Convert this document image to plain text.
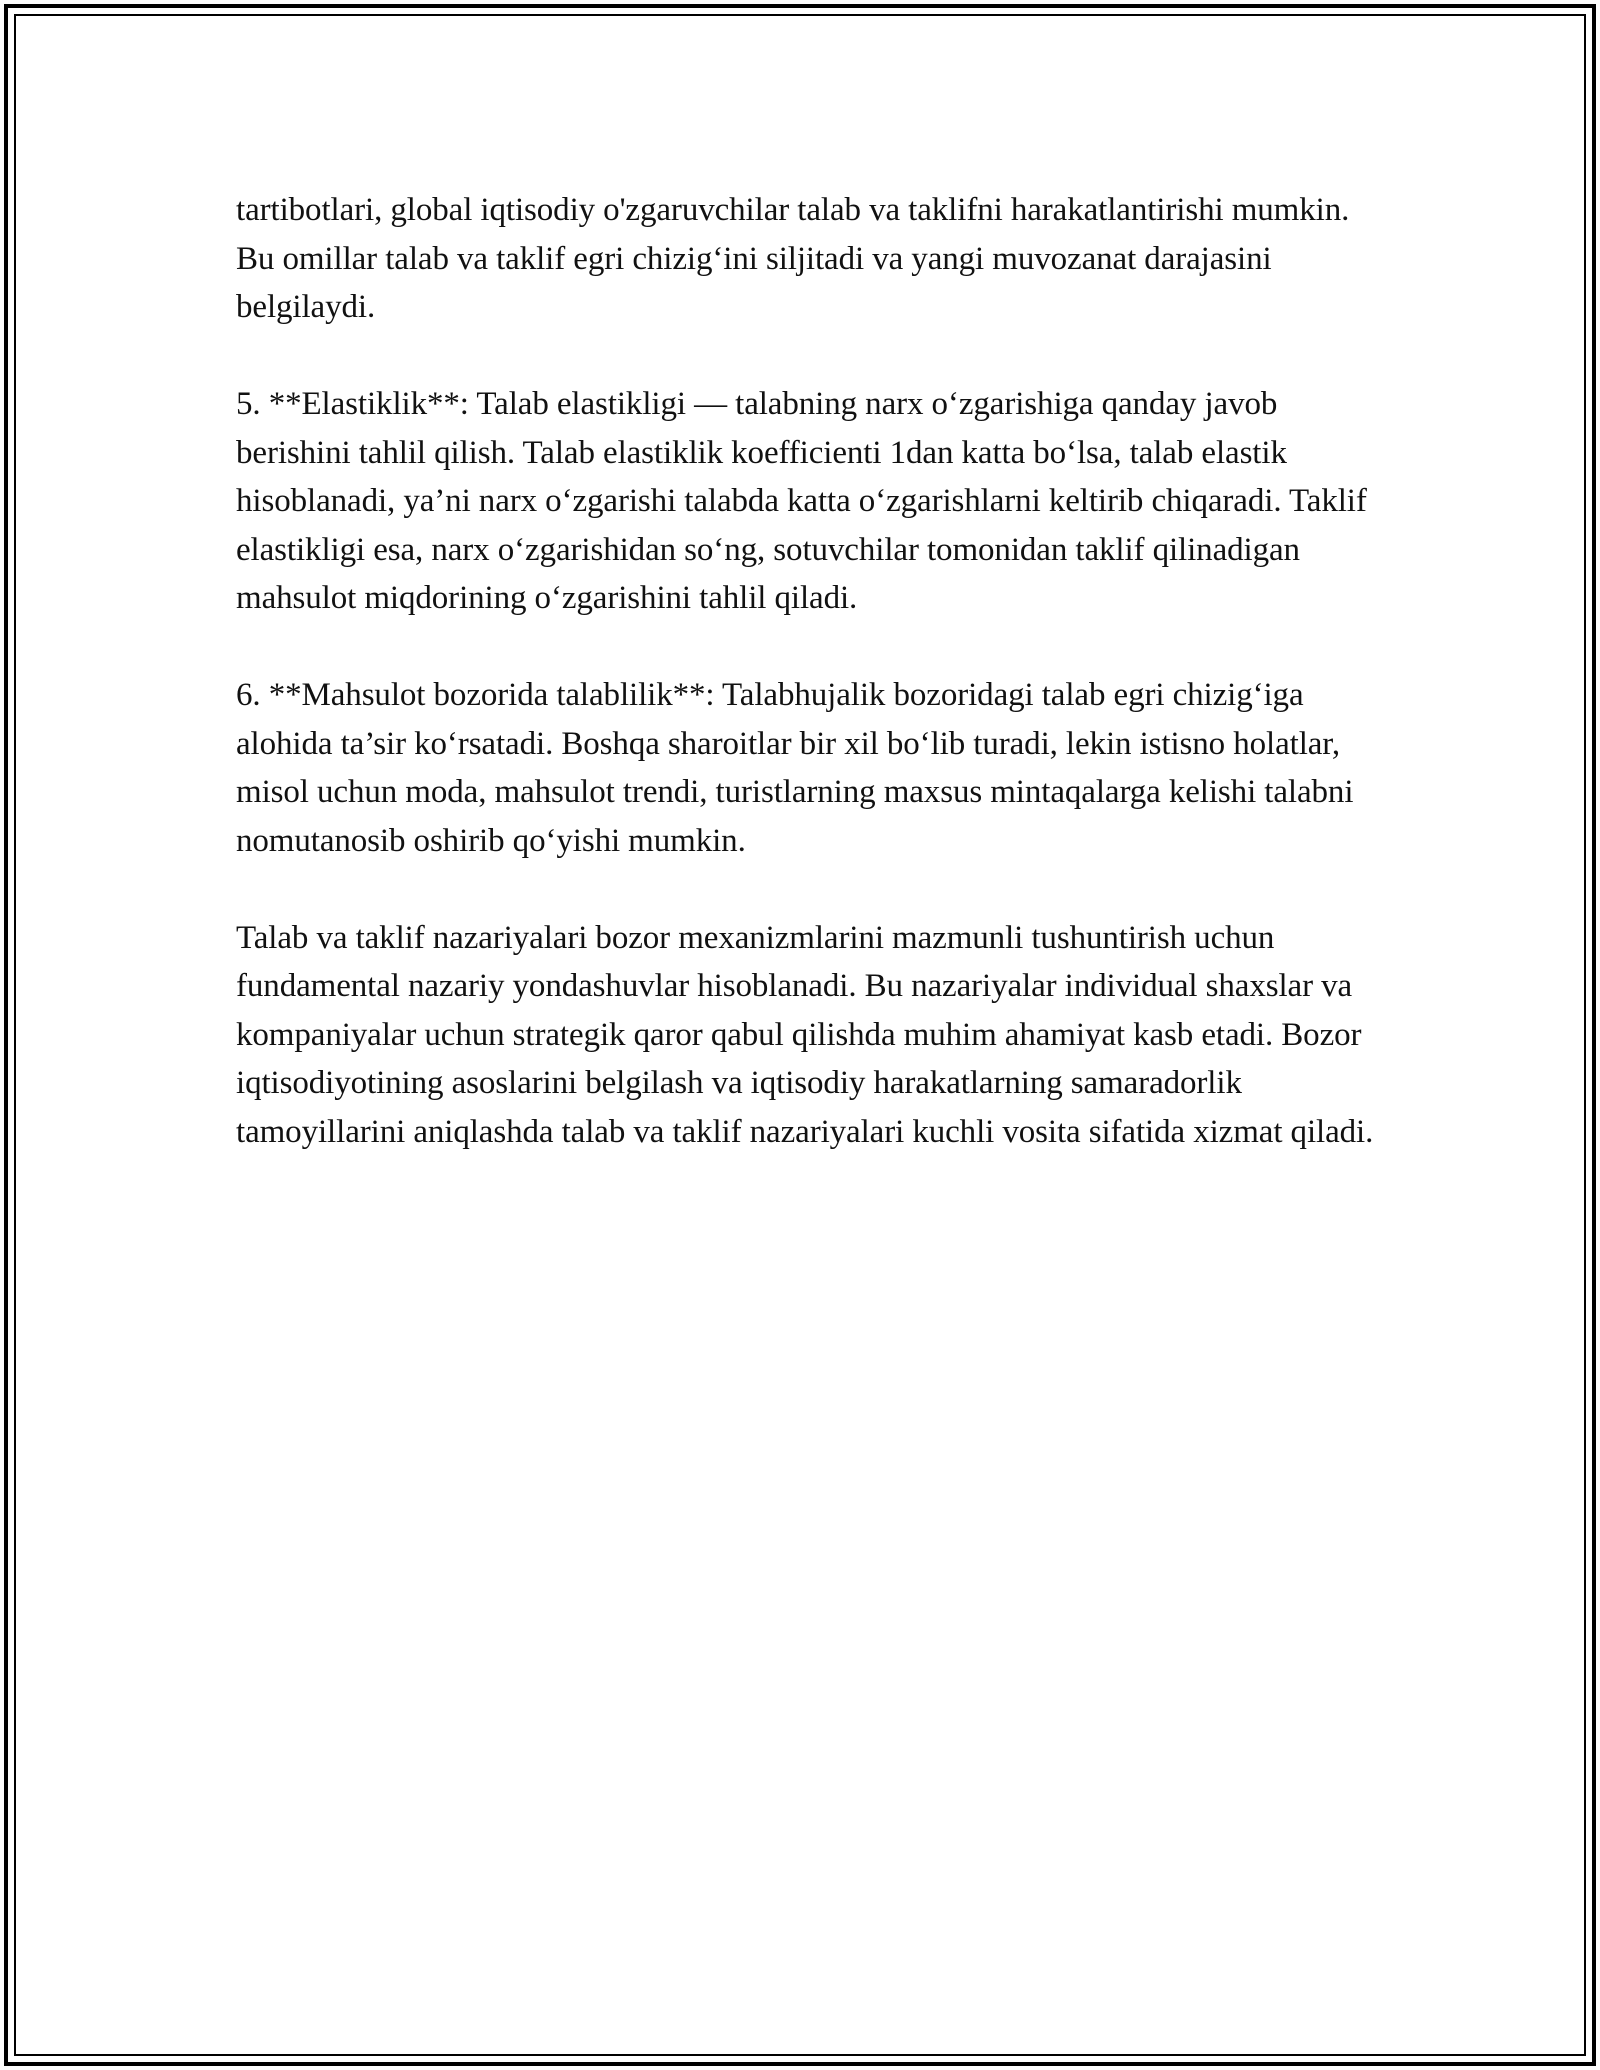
tartibotlari, global iqtisodiy o'zgaruvchilar talab va taklifni harakatlantirishi mumkin. Bu omillar talab va taklif egri chizig‘ini siljitadi va yangi muvozanat darajasini belgilaydi.

5. **Elastiklik**: Talab elastikligi — talabning narx o‘zgarishiga qanday javob berishini tahlil qilish. Talab elastiklik koefficienti 1dan katta bo‘lsa, talab elastik hisoblanadi, ya’ni narx o‘zgarishi talabda katta o‘zgarishlarni keltirib chiqaradi. Taklif elastikligi esa, narx o‘zgarishidan so‘ng, sotuvchilar tomonidan taklif qilinadigan mahsulot miqdorining o‘zgarishini tahlil qiladi.

6. **Mahsulot bozorida talablilik**: Talabhujalik bozoridagi talab egri chizig‘iga alohida ta’sir ko‘rsatadi. Boshqa sharoitlar bir xil bo‘lib turadi, lekin istisno holatlar, misol uchun moda, mahsulot trendi, turistlarning maxsus mintaqalarga kelishi talabni nomutanosib oshirib qo‘yishi mumkin.

Talab va taklif nazariyalari bozor mexanizmlarini mazmunli tushuntirish uchun fundamental nazariy yondashuvlar hisoblanadi. Bu nazariyalar individual shaxslar va kompaniyalar uchun strategik qaror qabul qilishda muhim ahamiyat kasb etadi. Bozor iqtisodiyotining asoslarini belgilash va iqtisodiy harakatlarning samaradorlik tamoyillarini aniqlashda talab va taklif nazariyalari kuchli vosita sifatida xizmat qiladi.
